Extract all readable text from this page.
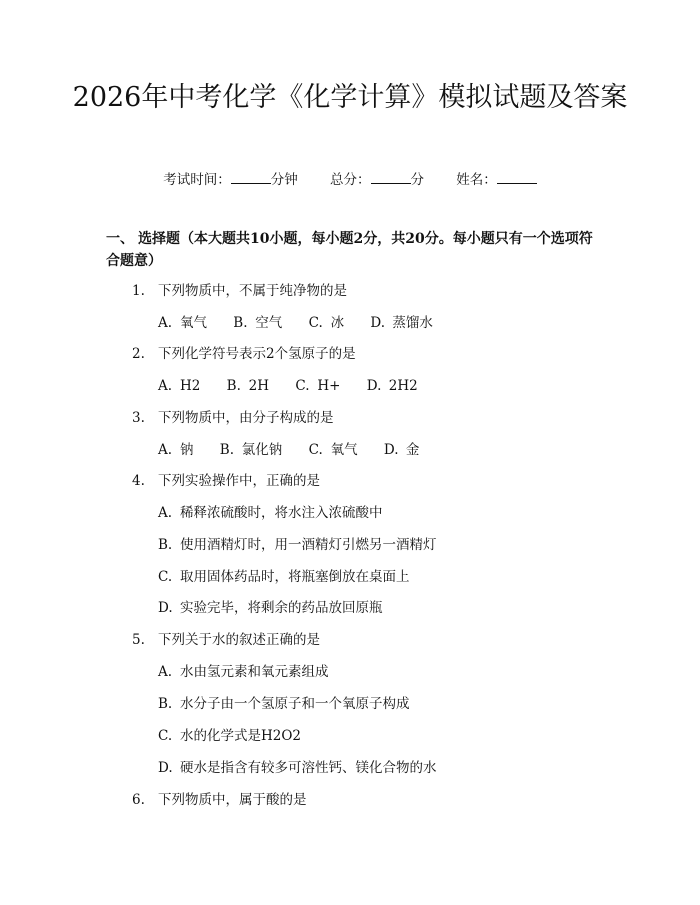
2026年中考化学《化学计算》模拟试题及答案
考试时间：	分钟 总分：	分 姓名：
一、 选择题（本大题共10小题，每小题2分，共20分。每小题只有一个选项符合题意）
1. 下列物质中，不属于纯净物的是
A. 氧气 B. 空气 C. 冰 D. 蒸馏水
2. 下列化学符号表示2个氢原子的是
A. H2 B. 2H C. H+ D. 2H2
3. 下列物质中，由分子构成的是
A. 钠 B. 氯化钠 C. 氧气 D. 金
4. 下列实验操作中，正确的是
A. 稀释浓硫酸时，将水注入浓硫酸中
B. 使用酒精灯时，用一酒精灯引燃另一酒精灯
C. 取用固体药品时，将瓶塞倒放在桌面上
D. 实验完毕，将剩余的药品放回原瓶
5. 下列关于水的叙述正确的是
A. 水由氢元素和氧元素组成
B. 水分子由一个氢原子和一个氧原子构成
C. 水的化学式是H2O2
D. 硬水是指含有较多可溶性钙、镁化合物的水
6. 下列物质中，属于酸的是
